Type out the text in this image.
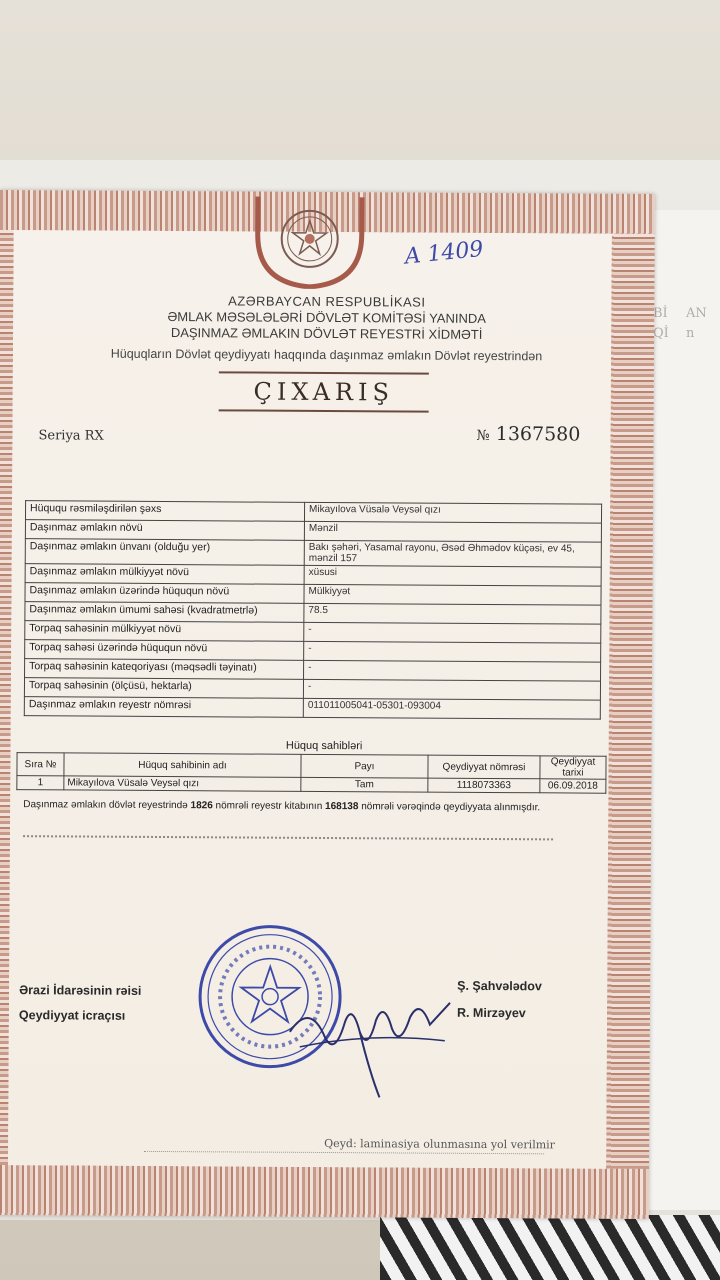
A 1409
AZƏRBAYCAN RESPUBLİKASI
ƏMLAK MƏSƏLƏLƏRİ DÖVLƏT KOMİTƏSİ YANINDA
DAŞINMAZ ƏMLAKIN DÖVLƏT REYESTRİ XİDMƏTİ
Hüquqların Dövlət qeydiyyatı haqqında daşınmaz əmlakın Dövlət reyestrindən
ÇIXARIŞ
Seriya RX	№ 1367580
Hüququ rəsmiləşdirilən şəxs	Mikayılova Vüsalə Veysəl qızı
Daşınmaz əmlakın növü	Mənzil
Daşınmaz əmlakın ünvanı (olduğu yer)	Bakı şəhəri, Yasamal rayonu, Əsəd Əhmədov küçəsi, ev 45, mənzil 157
Daşınmaz əmlakın mülkiyyət növü	xüsusi
Daşınmaz əmlakın üzərində hüququn növü	Mülkiyyət
Daşınmaz əmlakın ümumi sahəsi (kvadratmetrlə)	78.5
Torpaq sahəsinin mülkiyyət növü	-
Torpaq sahəsi üzərində hüququn növü	-
Torpaq sahəsinin kateqoriyası (məqsədli təyinatı)	-
Torpaq sahəsinin (ölçüsü, hektarla)	-
Daşınmaz əmlakın reyestr nömrəsi	011011005041-05301-093004
Hüquq sahibləri
Sıra №	Hüquq sahibinin adı	Payı	Qeydiyyat nömrəsi	Qeydiyyat tarixi
1	Mikayılova Vüsalə Veysəl qızı	Tam	1118073363	06.09.2018
Daşınmaz əmlakın dövlət reyestrində 1826 nömrəli reyestr kitabının 168138 nömrəli vərəqində qeydiyyata alınmışdır.
Ərazi İdarəsinin rəisi	Ş. Şahvələdov
Qeydiyyat icraçısı	R. Mirzəyev
Qeyd: laminasiya olunmasına yol verilmir
